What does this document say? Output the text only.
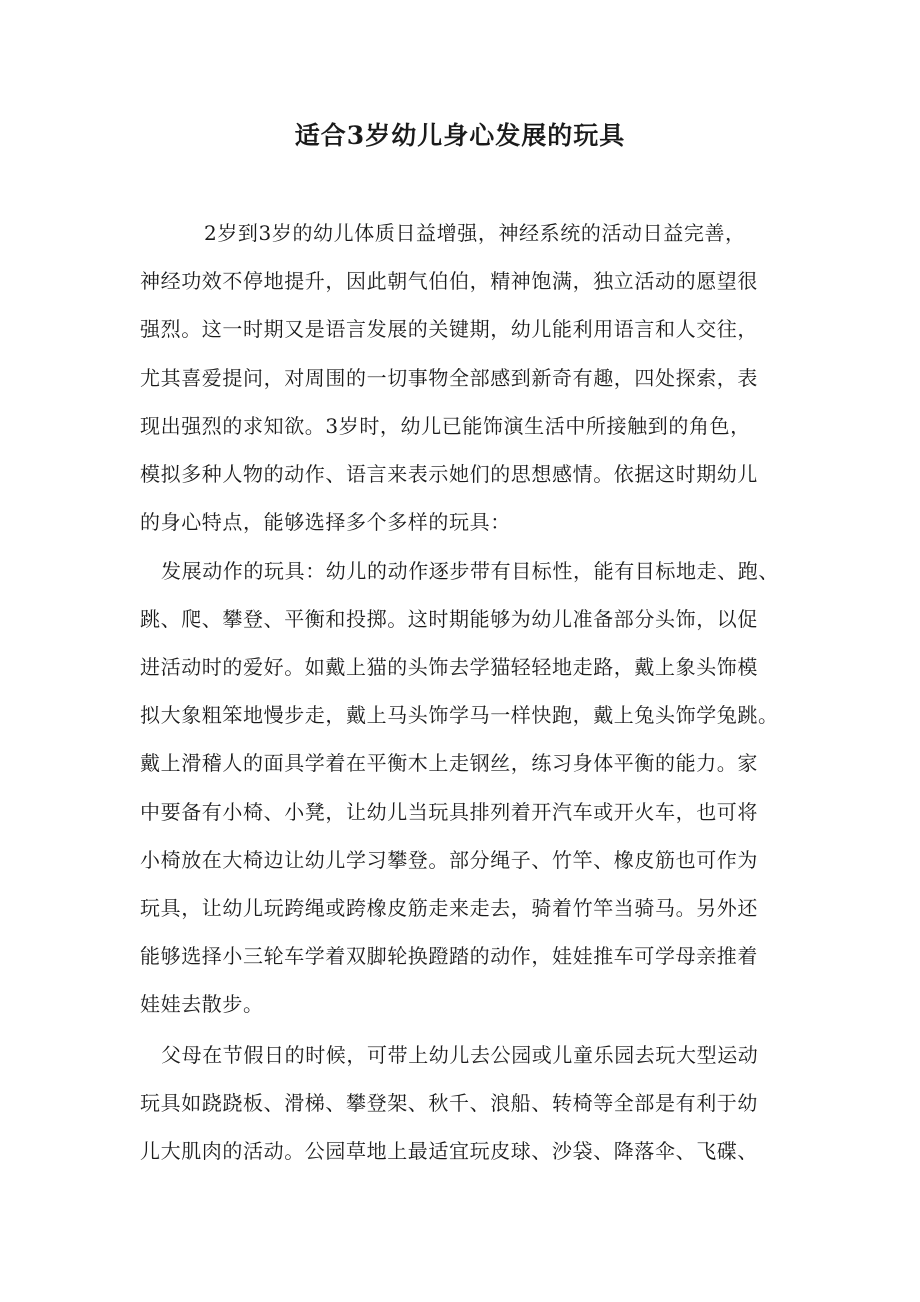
适合3岁幼儿身心发展的玩具
2岁到3岁的幼儿体质日益增强，神经系统的活动日益完善，
神经功效不停地提升，因此朝气伯伯，精神饱满，独立活动的愿望很
强烈。这一时期又是语言发展的关键期，幼儿能利用语言和人交往，
尤其喜爱提问，对周围的一切事物全部感到新奇有趣，四处探索，表
现出强烈的求知欲。3岁时，幼儿已能饰演生活中所接触到的角色，
模拟多种人物的动作、语言来表示她们的思想感情。依据这时期幼儿
的身心特点，能够选择多个多样的玩具：
发展动作的玩具：幼儿的动作逐步带有目标性，能有目标地走、跑、
跳、爬、攀登、平衡和投掷。这时期能够为幼儿准备部分头饰，以促
进活动时的爱好。如戴上猫的头饰去学猫轻轻地走路，戴上象头饰模
拟大象粗笨地慢步走，戴上马头饰学马一样快跑，戴上兔头饰学兔跳。
戴上滑稽人的面具学着在平衡木上走钢丝，练习身体平衡的能力。家
中要备有小椅、小凳，让幼儿当玩具排列着开汽车或开火车，也可将
小椅放在大椅边让幼儿学习攀登。部分绳子、竹竿、橡皮筋也可作为
玩具，让幼儿玩跨绳或跨橡皮筋走来走去，骑着竹竿当骑马。另外还
能够选择小三轮车学着双脚轮换蹬踏的动作，娃娃推车可学母亲推着
娃娃去散步。
父母在节假日的时候，可带上幼儿去公园或儿童乐园去玩大型运动
玩具如跷跷板、滑梯、攀登架、秋千、浪船、转椅等全部是有利于幼
儿大肌肉的活动。公园草地上最适宜玩皮球、沙袋、降落伞、飞碟、
